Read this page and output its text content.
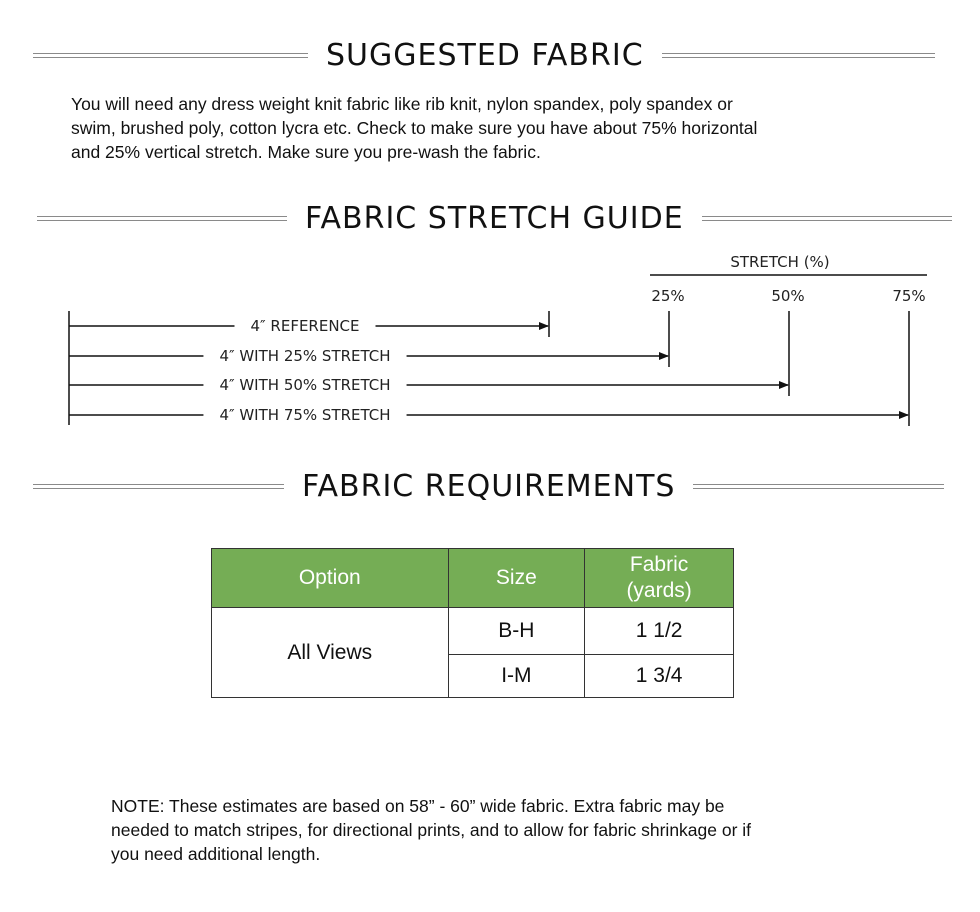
SUGGESTED FABRIC
You will need any dress weight knit fabric like rib knit, nylon spandex, poly spandex or
swim, brushed poly, cotton lycra etc. Check to make sure you have about 75% horizontal
and 25% vertical stretch. Make sure you pre-wash the fabric.
FABRIC STRETCH GUIDE
STRETCH (%)
25%	50%	75%
4″ REFERENCE
4″ WITH 25% STRETCH
4″ WITH 50% STRETCH
4″ WITH 75% STRETCH
FABRIC REQUIREMENTS
Option	Size	Fabric
(yards)
All Views	B-H	1 1/2
	I-M	1 3/4
NOTE: These estimates are based on 58” - 60” wide fabric. Extra fabric may be
needed to match stripes, for directional prints, and to allow for fabric shrinkage or if
you need additional length.
